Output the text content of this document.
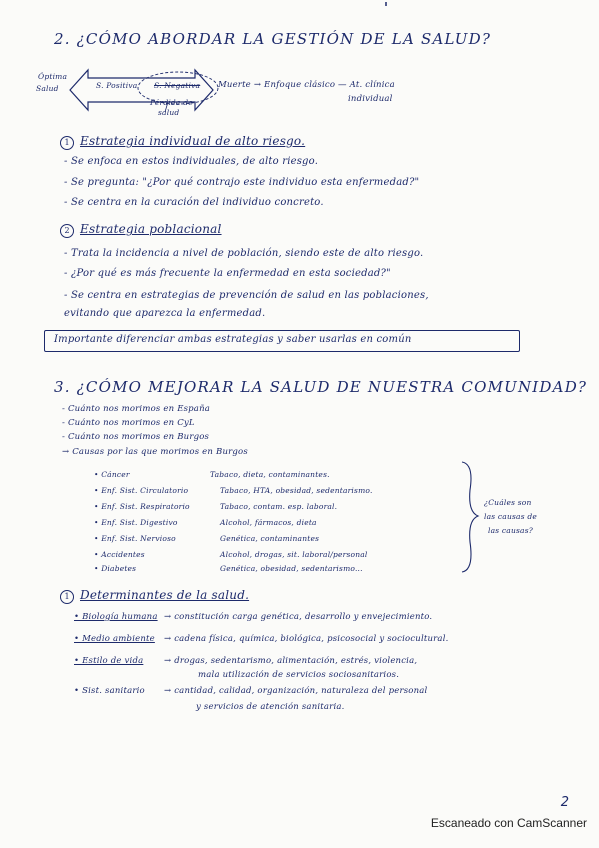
2. ¿CÓMO ABORDAR LA GESTIÓN DE LA SALUD?
Óptima
Salud	S. Positiva S. Negativa
Pérdida de
salud
Muerte → Enfoque clásico — At. clínica
individual
1 Estrategia individual de alto riesgo.
- Se enfoca en estos individuales, de alto riesgo.
- Se pregunta: "¿Por qué contrajo este individuo esta enfermedad?"
- Se centra en la curación del individuo concreto.
2 Estrategia poblacional
- Trata la incidencia a nivel de población, siendo este de alto riesgo.
- ¿Por qué es más frecuente la enfermedad en esta sociedad?"
- Se centra en estrategias de prevención de salud en las poblaciones,
evitando que aparezca la enfermedad.
Importante diferenciar ambas estrategias y saber usarlas en común
3. ¿CÓMO MEJORAR LA SALUD DE NUESTRA COMUNIDAD?
- Cuánto nos morimos en España
- Cuánto nos morimos en CyL
- Cuánto nos morimos en Burgos
→ Causas por las que morimos en Burgos
• Cáncer	Tabaco, dieta, contaminantes.
• Enf. Sist. Circulatorio	Tabaco, HTA, obesidad, sedentarismo.
• Enf. Sist. Respiratorio	Tabaco, contam. esp. laboral.
• Enf. Sist. Digestivo	Alcohol, fármacos, dieta
• Enf. Sist. Nervioso	Genética, contaminantes
• Accidentes	Alcohol, drogas, sit. laboral/personal
• Diabetes	Genética, obesidad, sedentarismo...
¿Cuáles son
las causas de
las causas?
1 Determinantes de la salud.
• Biología humana → constitución carga genética, desarrollo y envejecimiento.
• Medio ambiente → cadena física, química, biológica, psicosocial y sociocultural.
• Estilo de vida → drogas, sedentarismo, alimentación, estrés, violencia,
mala utilización de servicios sociosanitarios.
• Sist. sanitario → cantidad, calidad, organización, naturaleza del personal
y servicios de atención sanitaria.
2
Escaneado con CamScanner
